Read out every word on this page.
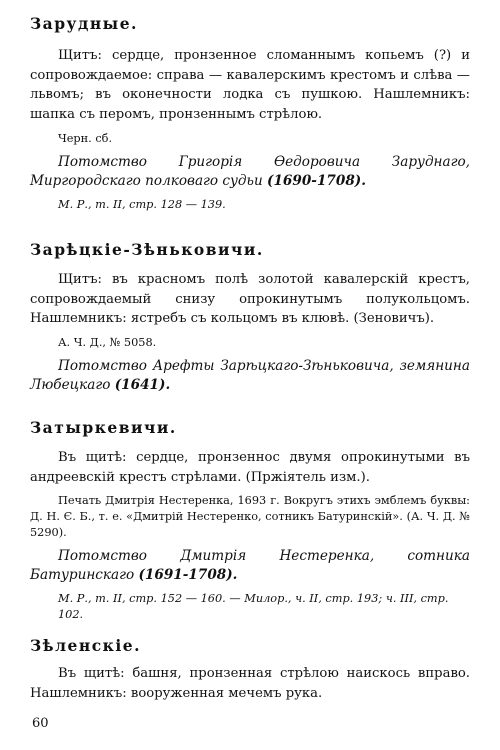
Зарудные.

Щитъ: сердце, пронзенное сломаннымъ копьемъ (?) и сопровождаемое: справа — кавалерскимъ крестомъ и слѣва — львомъ; въ оконечности лодка съ пушкою. Нашлемникъ: шапка съ перомъ, пронзеннымъ стрѣлою.

Черн. сб.

Потомство Григорія Ѳедоровича Заруднаго, Миргородскаго полковаго судьи (1690-1708).

М. Р., т. II, стр. 128 — 139.

Зарѣцкіе-Зѣньковичи.

Щитъ: въ красномъ полѣ золотой кавалерскій крестъ, сопровождаемый снизу опрокинутымъ полукольцомъ. Нашлемникъ: ястребъ съ кольцомъ въ клювѣ. (Зеновичъ).

А. Ч. Д., № 5058.

Потомство Арефты Зарѣцкаго-Зѣньковича, земянина Любецкаго (1641).

Затыркевичи.

Въ щитѣ: сердце, пронзеннос двумя опрокинутыми въ андреевскій крестъ стрѣлами. (Пржіятель изм.).

Печать Дмитрія Нестеренка, 1693 г. Вокругъ этихъ эмблемъ буквы: Д. Н. Є. Б., т. е. «Дмитрій Нестеренко, сотникъ Батуринскій». (А. Ч. Д. № 5290).

Потомство Дмитрія Нестеренка, сотника Батуринскаго (1691-1708).

М. Р., т. II, стр. 152 — 160. — Милор., ч. II, стр. 193; ч. III, стр. 102.

Зѣленскіе.

Въ щитѣ: башня, пронзенная стрѣлою наискось вправо. Нашлемникъ: вооруженная мечемъ рука.

60
